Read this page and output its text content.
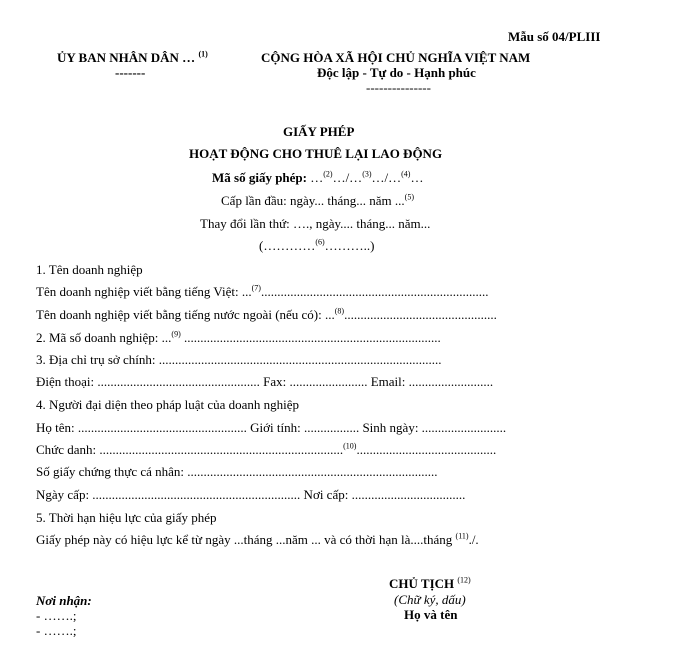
Mẫu số 04/PLIII
ỦY BAN NHÂN DÂN … $^{(1)}$
-------
CỘNG HÒA XÃ HỘI CHỦ NGHĨA VIỆT NAM
Độc lập - Tự do - Hạnh phúc
---------------
GIẤY PHÉP
HOẠT ĐỘNG CHO THUÊ LẠI LAO ĐỘNG
Mã số giấy phép: …$^{(2)}$…/…$^{(3)}$…/…$^{(4)}$…
Cấp lần đầu: ngày... tháng... năm ...$^{(5)}$
Thay đổi lần thứ: …., ngày.... tháng... năm...
(…………$^{(6)}$………..)
1. Tên doanh nghiệp
Tên doanh nghiệp viết bằng tiếng Việt: ...$^{(7)}$......................................................................
Tên doanh nghiệp viết bằng tiếng nước ngoài (nếu có): ...$^{(8)}$...............................................
2. Mã số doanh nghiệp: ...$^{(9)}$ ...............................................................................
3. Địa chỉ trụ sở chính: .......................................................................................
Điện thoại: .................................................. Fax: ........................ Email: ..........................
4. Người đại diện theo pháp luật của doanh nghiệp
Họ tên: .................................................... Giới tính: ................. Sinh ngày: ..........................
Chức danh: ...........................................................................$^{(10)}$...........................................
Số giấy chứng thực cá nhân: .............................................................................
Ngày cấp: ................................................................ Nơi cấp: ...................................
5. Thời hạn hiệu lực của giấy phép
Giấy phép này có hiệu lực kể từ ngày ...tháng ...năm ... và có thời hạn là....tháng $^{(11)}$./.
CHỦ TỊCH $^{(12)}$
(Chữ ký, dấu)
Họ và tên
Nơi nhận:
- …….;
- …….;
